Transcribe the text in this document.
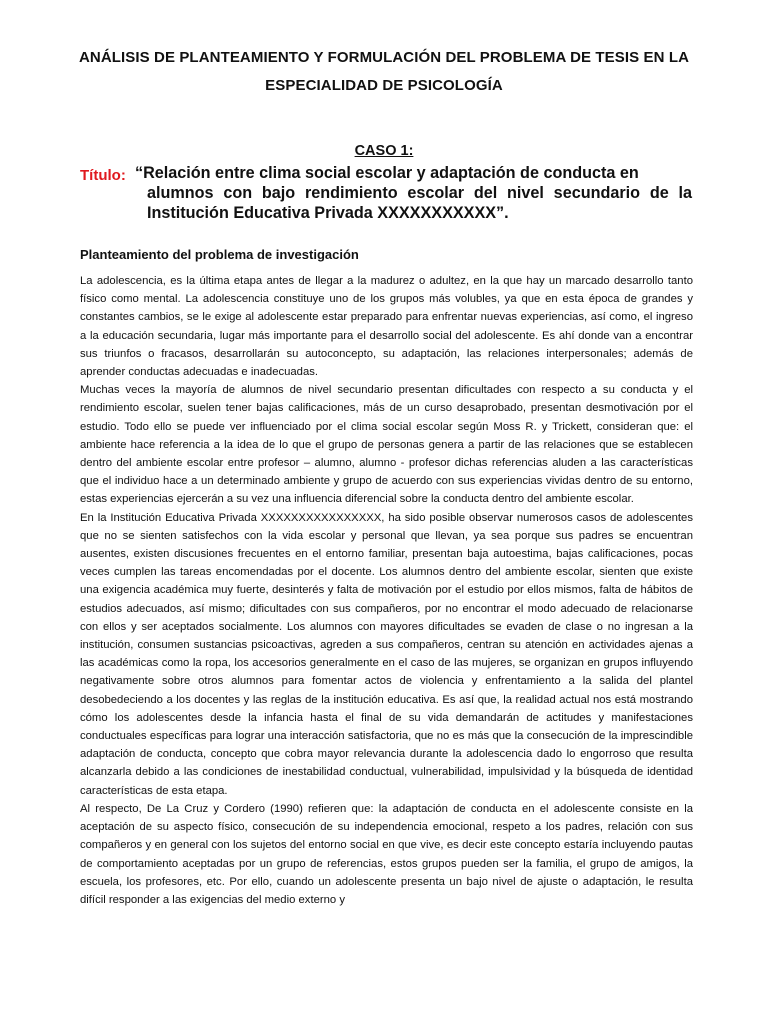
ANÁLISIS DE PLANTEAMIENTO Y FORMULACIÓN DEL PROBLEMA DE TESIS EN LA ESPECIALIDAD DE PSICOLOGÍA
CASO 1:
Título: “Relación entre clima social escolar y adaptación de conducta en
alumnos con bajo rendimiento escolar del nivel secundario de la Institución Educativa Privada XXXXXXXXXXX”.
Planteamiento del problema de investigación

La adolescencia, es la última etapa antes de llegar a la madurez o adultez, en la que hay un marcado desarrollo tanto físico como mental. La adolescencia constituye uno de los grupos más volubles, ya que en esta época de grandes y constantes cambios, se le exige al adolescente estar preparado para enfrentar nuevas experiencias, así como, el ingreso a la educación secundaria, lugar más importante para el desarrollo social del adolescente. Es ahí donde van a encontrar sus triunfos o fracasos, desarrollarán su autoconcepto, su adaptación, las relaciones interpersonales; además de aprender conductas adecuadas e inadecuadas.

Muchas veces la mayoría de alumnos de nivel secundario presentan dificultades con respecto a su conducta y el rendimiento escolar, suelen tener bajas calificaciones, más de un curso desaprobado, presentan desmotivación por el estudio. Todo ello se puede ver influenciado por el clima social escolar según Moss R. y Trickett, consideran que: el ambiente hace referencia a la idea de lo que el grupo de personas genera a partir de las relaciones que se establecen dentro del ambiente escolar entre profesor – alumno, alumno - profesor dichas referencias aluden a las características que el individuo hace a un determinado ambiente y grupo de acuerdo con sus experiencias vividas dentro de su entorno, estas experiencias ejercerán a su vez una influencia diferencial sobre la conducta dentro del ambiente escolar.

En la Institución Educativa Privada XXXXXXXXXXXXXXXX, ha sido posible observar numerosos casos de adolescentes que no se sienten satisfechos con la vida escolar y personal que llevan, ya sea porque sus padres se encuentran ausentes, existen discusiones frecuentes en el entorno familiar, presentan baja autoestima, bajas calificaciones, pocas veces cumplen las tareas encomendadas por el docente. Los alumnos dentro del ambiente escolar, sienten que existe una exigencia académica muy fuerte, desinterés y falta de motivación por el estudio por ellos mismos, falta de hábitos de estudios adecuados, así mismo; dificultades con sus compañeros, por no encontrar el modo adecuado de relacionarse con ellos y ser aceptados socialmente. Los alumnos con mayores dificultades se evaden de clase o no ingresan a la institución, consumen sustancias psicoactivas, agreden a sus compañeros, centran su atención en actividades ajenas a las académicas como la ropa, los accesorios generalmente en el caso de las mujeres, se organizan en grupos influyendo negativamente sobre otros alumnos para fomentar actos de violencia y enfrentamiento a la salida del plantel desobedeciendo a los docentes y las reglas de la institución educativa. Es así que, la realidad actual nos está mostrando cómo los adolescentes desde la infancia hasta el final de su vida demandarán de actitudes y manifestaciones conductuales específicas para lograr una interacción satisfactoria, que no es más que la consecución de la imprescindible adaptación de conducta, concepto que cobra mayor relevancia durante la adolescencia dado lo engorroso que resulta alcanzarla debido a las condiciones de inestabilidad conductual, vulnerabilidad, impulsividad y la búsqueda de identidad características de esta etapa.

Al respecto, De La Cruz y Cordero (1990) refieren que: la adaptación de conducta en el adolescente consiste en la aceptación de su aspecto físico, consecución de su independencia emocional, respeto a los padres, relación con sus compañeros y en general con los sujetos del entorno social en que vive, es decir este concepto estaría incluyendo pautas de comportamiento aceptadas por un grupo de referencias, estos grupos pueden ser la familia, el grupo de amigos, la escuela, los profesores, etc. Por ello, cuando un adolescente presenta un bajo nivel de ajuste o adaptación, le resulta difícil responder a las exigencias del medio externo y
